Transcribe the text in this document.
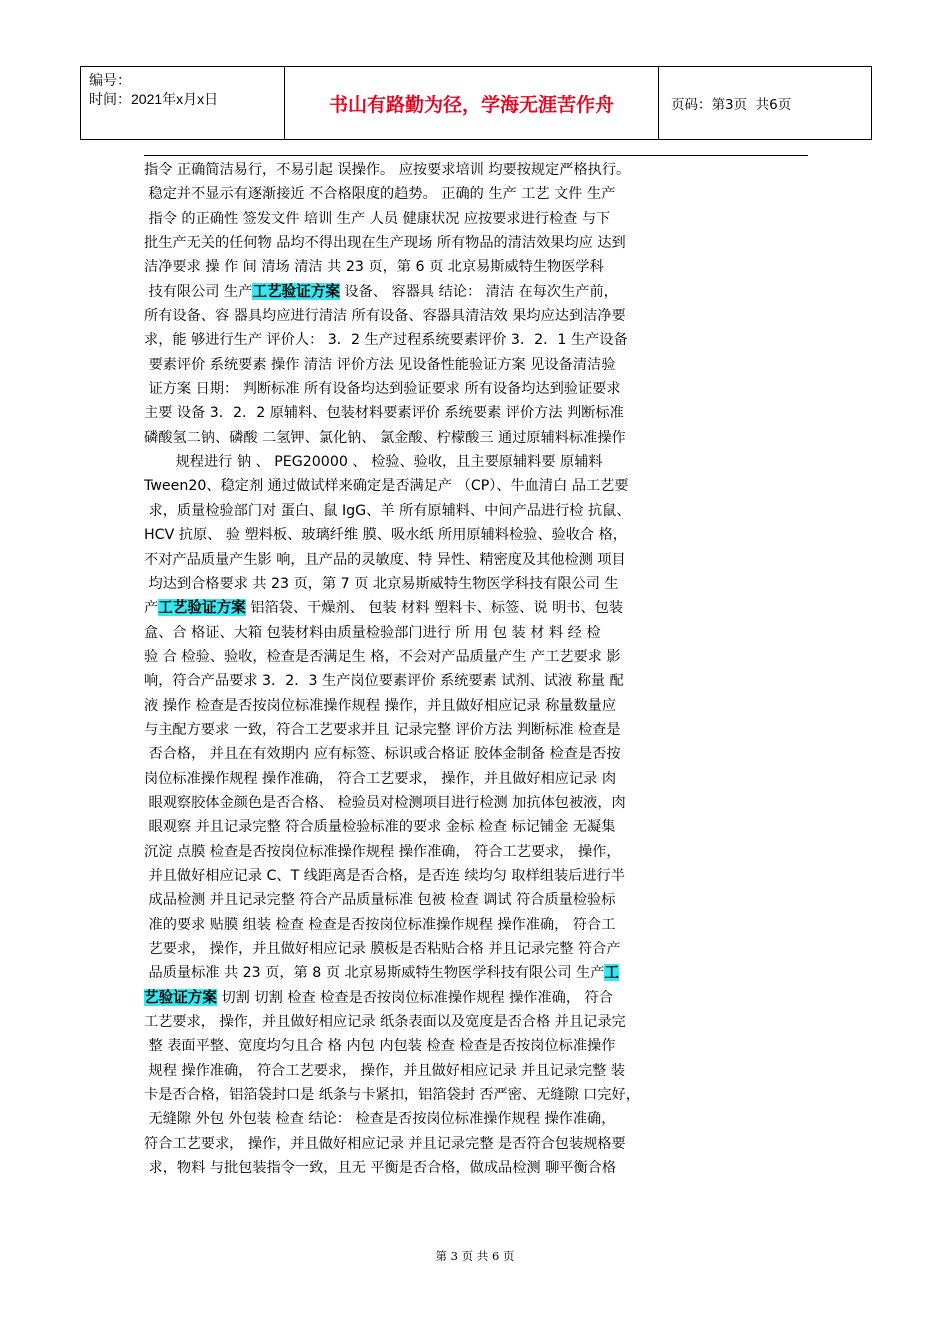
编号：
时间：2021年x月x日	书山有路勤为径，学海无涯苦作舟	页码：第3页  共6页
指令 正确简洁易行，不易引起 误操作。 应按要求培训 均要按规定严格执行。
稳定并不显示有逐渐接近 不合格限度的趋势。 正确的 生产 工艺 文件 生产
指令 的正确性 签发文件 培训 生产 人员 健康状况 应按要求进行检查 与下
批生产无关的任何物 品均不得出现在生产现场 所有物品的清洁效果均应 达到
洁净要求 操 作 间 清场 清洁 共 23 页，第 6 页 北京易斯威特生物医学科
技有限公司 生产工艺验证方案 设备、 容器具 结论： 清洁 在每次生产前，
所有设备、容 器具均应进行清洁 所有设备、容器具清洁效 果均应达到洁净要
求，能 够进行生产 评价人： 3．2 生产过程系统要素评价 3．2．1 生产设备
要素评价 系统要素 操作 清洁 评价方法 见设备性能验证方案 见设备清洁验
证方案 日期： 判断标准 所有设备均达到验证要求 所有设备均达到验证要求
主要 设备 3．2．2 原辅料、包装材料要素评价 系统要素 评价方法 判断标准
磷酸氢二钠、磷酸 二氢钾、氯化钠、 氯金酸、柠檬酸三 通过原辅料标准操作
规程进行 钠 、 PEG20000 、 检验、验收，且主要原辅料要 原辅料
Tween20、稳定剂 通过做试样来确定是否满足产 （CP）、牛血清白 品工艺要
求，质量检验部门对 蛋白、鼠 IgG、羊 所有原辅料、中间产品进行检 抗鼠、
HCV 抗原、 验 塑料板、玻璃纤维 膜、吸水纸 所用原辅料检验、验收合 格，
不对产品质量产生影 响，且产品的灵敏度、特 异性、精密度及其他检测 项目
均达到合格要求 共 23 页，第 7 页 北京易斯威特生物医学科技有限公司 生
产工艺验证方案 铝箔袋、干燥剂、 包装 材料 塑料卡、标签、说 明书、包装
盒、合 格证、大箱 包装材料由质量检验部门进行 所 用 包 装 材 料 经 检
验 合 检验、验收，检查是否满足生 格，不会对产品质量产生 产工艺要求 影
响，符合产品要求 3．2．3 生产岗位要素评价 系统要素 试剂、试液 称量 配
液 操作 检查是否按岗位标准操作规程 操作，并且做好相应记录 称量数量应
与主配方要求 一致，符合工艺要求并且 记录完整 评价方法 判断标准 检查是
否合格， 并且在有效期内 应有标签、标识或合格证 胶体金制备 检查是否按
岗位标准操作规程 操作准确， 符合工艺要求， 操作，并且做好相应记录 肉
眼观察胶体金颜色是否合格、 检验员对检测项目进行检测 加抗体包被液，肉
眼观察 并且记录完整 符合质量检验标准的要求 金标 检查 标记铺金 无凝集
沉淀 点膜 检查是否按岗位标准操作规程 操作准确， 符合工艺要求， 操作，
并且做好相应记录 C、T 线距离是否合格，是否连 续均匀 取样组装后进行半
成品检测 并且记录完整 符合产品质量标准 包被 检查 调试 符合质量检验标
准的要求 贴膜 组装 检查 检查是否按岗位标准操作规程 操作准确， 符合工
艺要求， 操作，并且做好相应记录 膜板是否粘贴合格 并且记录完整 符合产
品质量标准 共 23 页，第 8 页 北京易斯威特生物医学科技有限公司 生产工
艺验证方案 切割 切割 检查 检查是否按岗位标准操作规程 操作准确， 符合
工艺要求， 操作，并且做好相应记录 纸条表面以及宽度是否合格 并且记录完
整 表面平整、宽度均匀且合 格 内包 内包装 检查 检查是否按岗位标准操作
规程 操作准确， 符合工艺要求， 操作，并且做好相应记录 并且记录完整 装
卡是否合格，铝箔袋封口是 纸条与卡紧扣，铝箔袋封 否严密、无缝隙 口完好，
无缝隙 外包 外包装 检查 结论： 检查是否按岗位标准操作规程 操作准确，
符合工艺要求， 操作，并且做好相应记录 并且记录完整 是否符合包装规格要
求，物料 与批包装指令一致，且无 平衡是否合格，做成品检测 聊平衡合格
第 3 页 共 6 页
